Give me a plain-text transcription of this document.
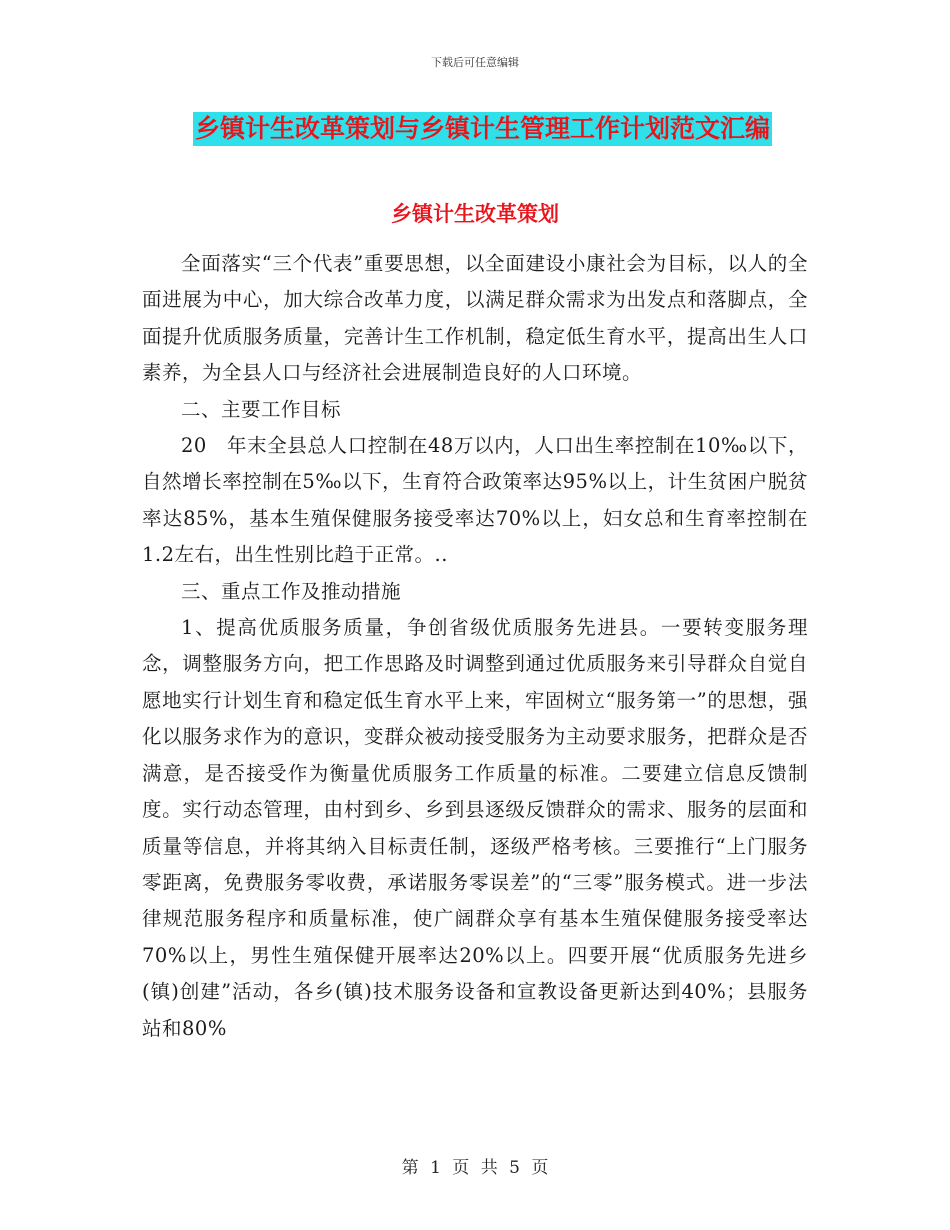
下载后可任意编辑
乡镇计生改革策划与乡镇计生管理工作计划范文汇编
乡镇计生改革策划

全面落实“三个代表”重要思想，以全面建设小康社会为目标，以人的全面进展为中心，加大综合改革力度，以满足群众需求为出发点和落脚点，全面提升优质服务质量，完善计生工作机制，稳定低生育水平，提高出生人口素养，为全县人口与经济社会进展制造良好的人口环境。

二、主要工作目标

20　年末全县总人口控制在48万以内，人口出生率控制在10‰以下，自然增长率控制在5‰以下，生育符合政策率达95%以上，计生贫困户脱贫率达85%，基本生殖保健服务接受率达70%以上，妇女总和生育率控制在1.2左右，出生性别比趋于正常。..

三、重点工作及推动措施

1、提高优质服务质量，争创省级优质服务先进县。一要转变服务理念，调整服务方向，把工作思路及时调整到通过优质服务来引导群众自觉自愿地实行计划生育和稳定低生育水平上来，牢固树立“服务第一”的思想，强化以服务求作为的意识，变群众被动接受服务为主动要求服务，把群众是否满意，是否接受作为衡量优质服务工作质量的标准。二要建立信息反馈制度。实行动态管理，由村到乡、乡到县逐级反馈群众的需求、服务的层面和质量等信息，并将其纳入目标责任制，逐级严格考核。三要推行“上门服务零距离，免费服务零收费，承诺服务零误差”的“三零”服务模式。进一步法律规范服务程序和质量标准，使广阔群众享有基本生殖保健服务接受率达70%以上，男性生殖保健开展率达20%以上。四要开展“优质服务先进乡(镇)创建”活动，各乡(镇)技术服务设备和宣教设备更新达到40%；县服务站和80%

第 1 页 共 5 页
